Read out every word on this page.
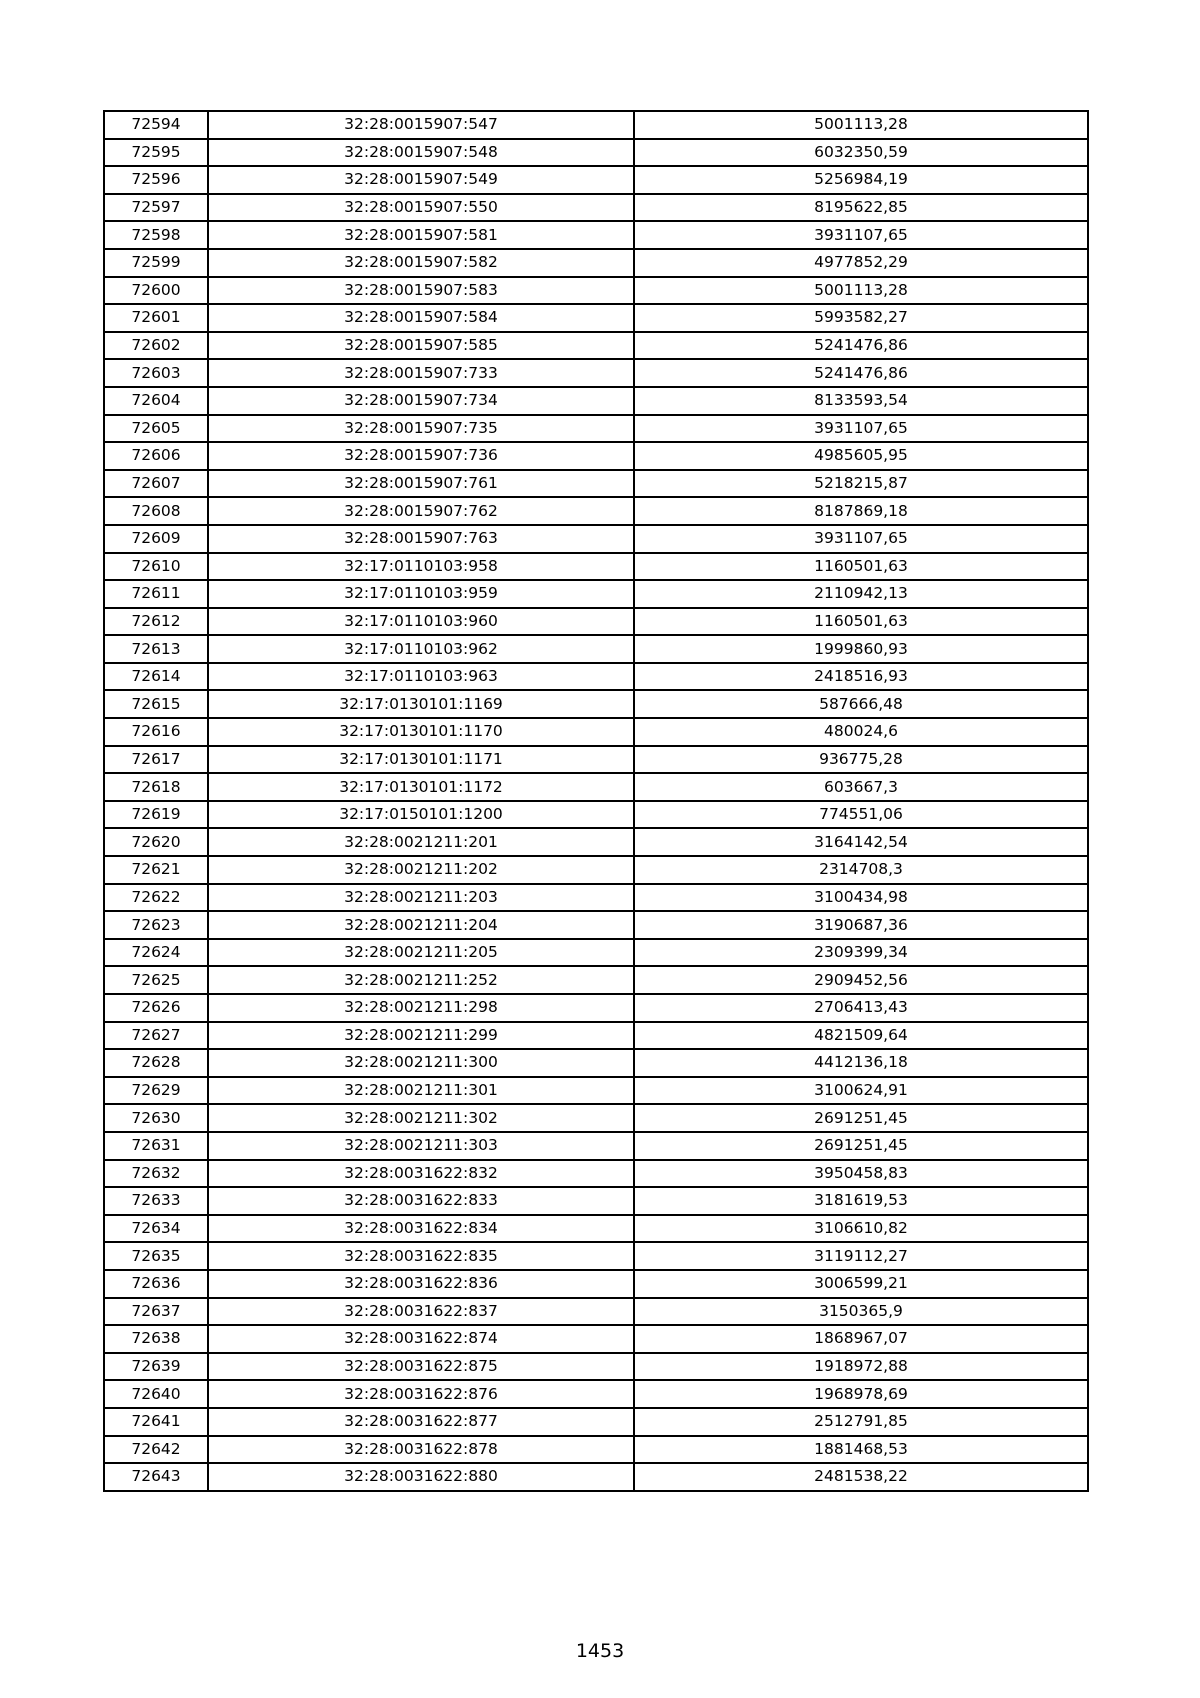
72594	32:28:0015907:547	5001113,28
72595	32:28:0015907:548	6032350,59
72596	32:28:0015907:549	5256984,19
72597	32:28:0015907:550	8195622,85
72598	32:28:0015907:581	3931107,65
72599	32:28:0015907:582	4977852,29
72600	32:28:0015907:583	5001113,28
72601	32:28:0015907:584	5993582,27
72602	32:28:0015907:585	5241476,86
72603	32:28:0015907:733	5241476,86
72604	32:28:0015907:734	8133593,54
72605	32:28:0015907:735	3931107,65
72606	32:28:0015907:736	4985605,95
72607	32:28:0015907:761	5218215,87
72608	32:28:0015907:762	8187869,18
72609	32:28:0015907:763	3931107,65
72610	32:17:0110103:958	1160501,63
72611	32:17:0110103:959	2110942,13
72612	32:17:0110103:960	1160501,63
72613	32:17:0110103:962	1999860,93
72614	32:17:0110103:963	2418516,93
72615	32:17:0130101:1169	587666,48
72616	32:17:0130101:1170	480024,6
72617	32:17:0130101:1171	936775,28
72618	32:17:0130101:1172	603667,3
72619	32:17:0150101:1200	774551,06
72620	32:28:0021211:201	3164142,54
72621	32:28:0021211:202	2314708,3
72622	32:28:0021211:203	3100434,98
72623	32:28:0021211:204	3190687,36
72624	32:28:0021211:205	2309399,34
72625	32:28:0021211:252	2909452,56
72626	32:28:0021211:298	2706413,43
72627	32:28:0021211:299	4821509,64
72628	32:28:0021211:300	4412136,18
72629	32:28:0021211:301	3100624,91
72630	32:28:0021211:302	2691251,45
72631	32:28:0021211:303	2691251,45
72632	32:28:0031622:832	3950458,83
72633	32:28:0031622:833	3181619,53
72634	32:28:0031622:834	3106610,82
72635	32:28:0031622:835	3119112,27
72636	32:28:0031622:836	3006599,21
72637	32:28:0031622:837	3150365,9
72638	32:28:0031622:874	1868967,07
72639	32:28:0031622:875	1918972,88
72640	32:28:0031622:876	1968978,69
72641	32:28:0031622:877	2512791,85
72642	32:28:0031622:878	1881468,53
72643	32:28:0031622:880	2481538,22
1453
